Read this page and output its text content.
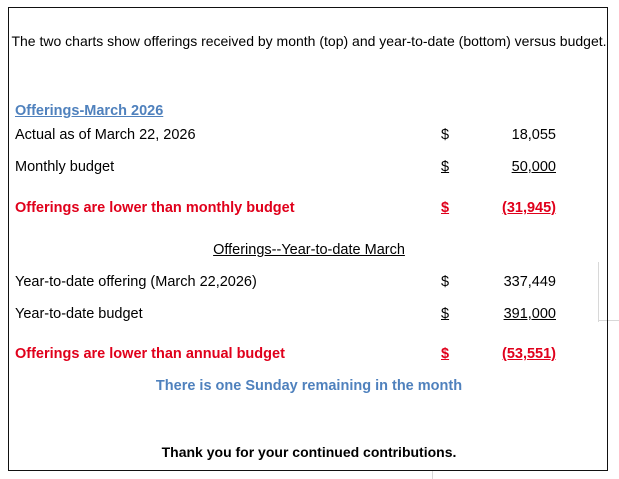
The two charts show offerings received by month (top) and year-to-date (bottom) versus budget.
Offerings-March 2026
Actual as of March 22, 2026	$	18,055
Monthly budget	$	50,000
Offerings are lower than monthly budget	$	(31,945)
Offerings--Year-to-date March
Year-to-date offering (March 22,2026)	$	337,449
Year-to-date budget	$	391,000
Offerings are lower than annual budget	$	(53,551)
There is one Sunday remaining in the month
Thank you for your continued contributions.
